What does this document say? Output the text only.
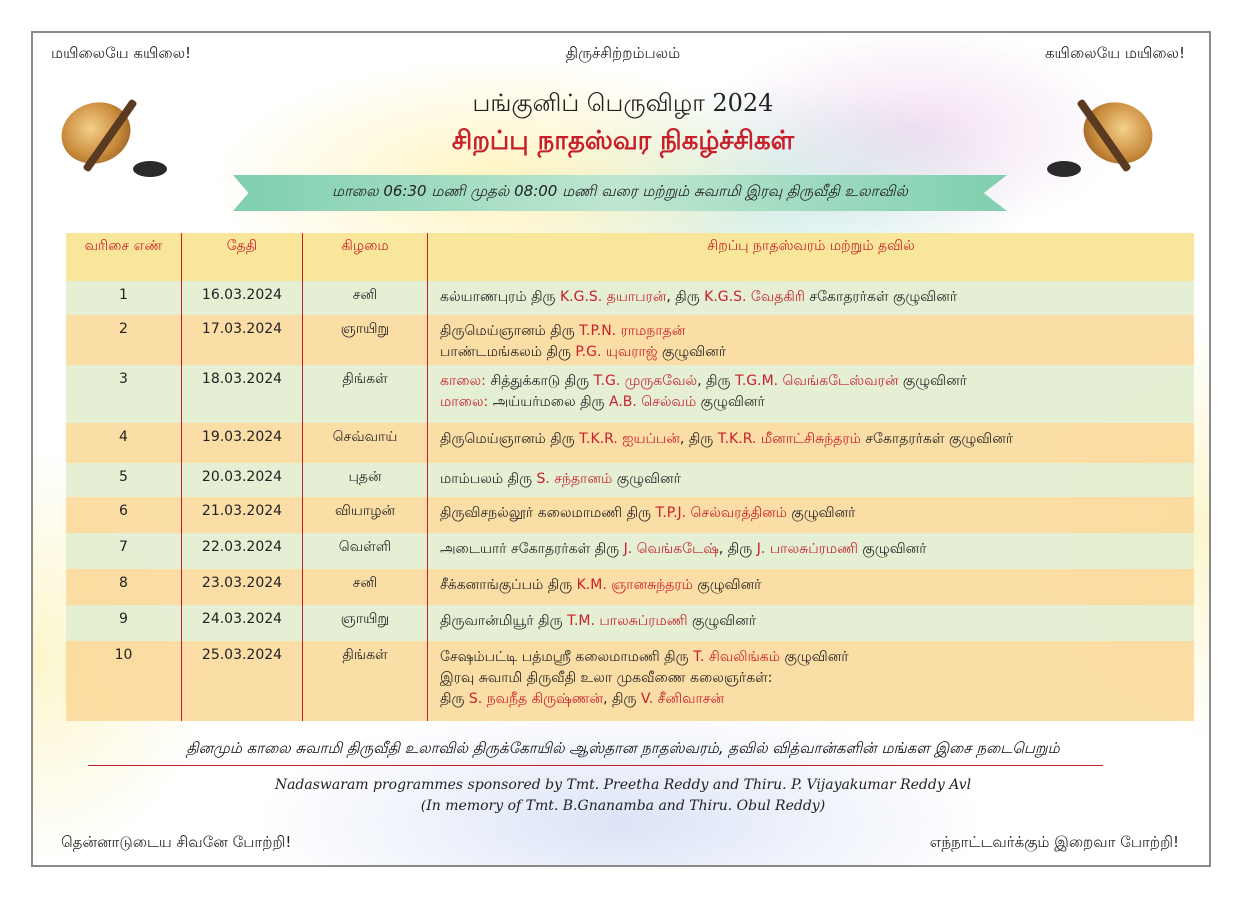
மயிலையே கயிலை!	திருச்சிற்றம்பலம்	கயிலையே மயிலை!
பங்குனிப் பெருவிழா 2024
சிறப்பு நாதஸ்வர நிகழ்ச்சிகள்
மாலை 06:30 மணி முதல் 08:00 மணி வரை மற்றும் சுவாமி இரவு திருவீதி உலாவில்
வரிசை எண்	தேதி	கிழமை	சிறப்பு நாதஸ்வரம் மற்றும் தவில்
1	16.03.2024	சனி	கல்யாணபுரம் திரு K.G.S. தயாபரன், திரு K.G.S. வேதகிரி சகோதரர்கள் குழுவினர்

2	17.03.2024	ஞாயிறு	திருமெய்ஞானம் திரு T.P.N. ராமநாதன்
பாண்டமங்கலம் திரு P.G. யுவராஜ் குழுவினர்

3	18.03.2024	திங்கள்	காலை: சித்துக்காடு திரு T.G. முருகவேல், திரு T.G.M. வெங்கடேஸ்வரன் குழுவினர்
மாலை: அய்யர்மலை திரு A.B. செல்வம் குழுவினர்

4	19.03.2024	செவ்வாய்	திருமெய்ஞானம் திரு T.K.R. ஐயப்பன், திரு T.K.R. மீனாட்சிசுந்தரம் சகோதரர்கள் குழுவினர்

5	20.03.2024	புதன்	மாம்பலம் திரு S. சந்தானம் குழுவினர்

6	21.03.2024	வியாழன்	திருவிசநல்லூர் கலைமாமணி திரு T.P.J. செல்வரத்தினம் குழுவினர்

7	22.03.2024	வெள்ளி	அடையார் சகோதரர்கள் திரு J. வெங்கடேஷ், திரு J. பாலசுப்ரமணி குழுவினர்

8	23.03.2024	சனி	சீக்கனாங்குப்பம் திரு K.M. ஞானசுந்தரம் குழுவினர்

9	24.03.2024	ஞாயிறு	திருவான்மியூர் திரு T.M. பாலசுப்ரமணி குழுவினர்

10	25.03.2024	திங்கள்	சேஷம்பட்டி பத்மஸ்ரீ கலைமாமணி திரு T. சிவலிங்கம் குழுவினர்
இரவு சுவாமி திருவீதி உலா முகவீணை கலைஞர்கள்:
திரு S. நவநீத கிருஷ்ணன், திரு V. சீனிவாசன்
தினமும் காலை சுவாமி திருவீதி உலாவில் திருக்கோயில் ஆஸ்தான நாதஸ்வரம், தவில் வித்வான்களின் மங்கள இசை நடைபெறும்
Nadaswaram programmes sponsored by Tmt. Preetha Reddy and Thiru. P. Vijayakumar Reddy Avl
(In memory of Tmt. B.Gnanamba and Thiru. Obul Reddy)
தென்னாடுடைய சிவனே போற்றி!	எந்நாட்டவர்க்கும் இறைவா போற்றி!
